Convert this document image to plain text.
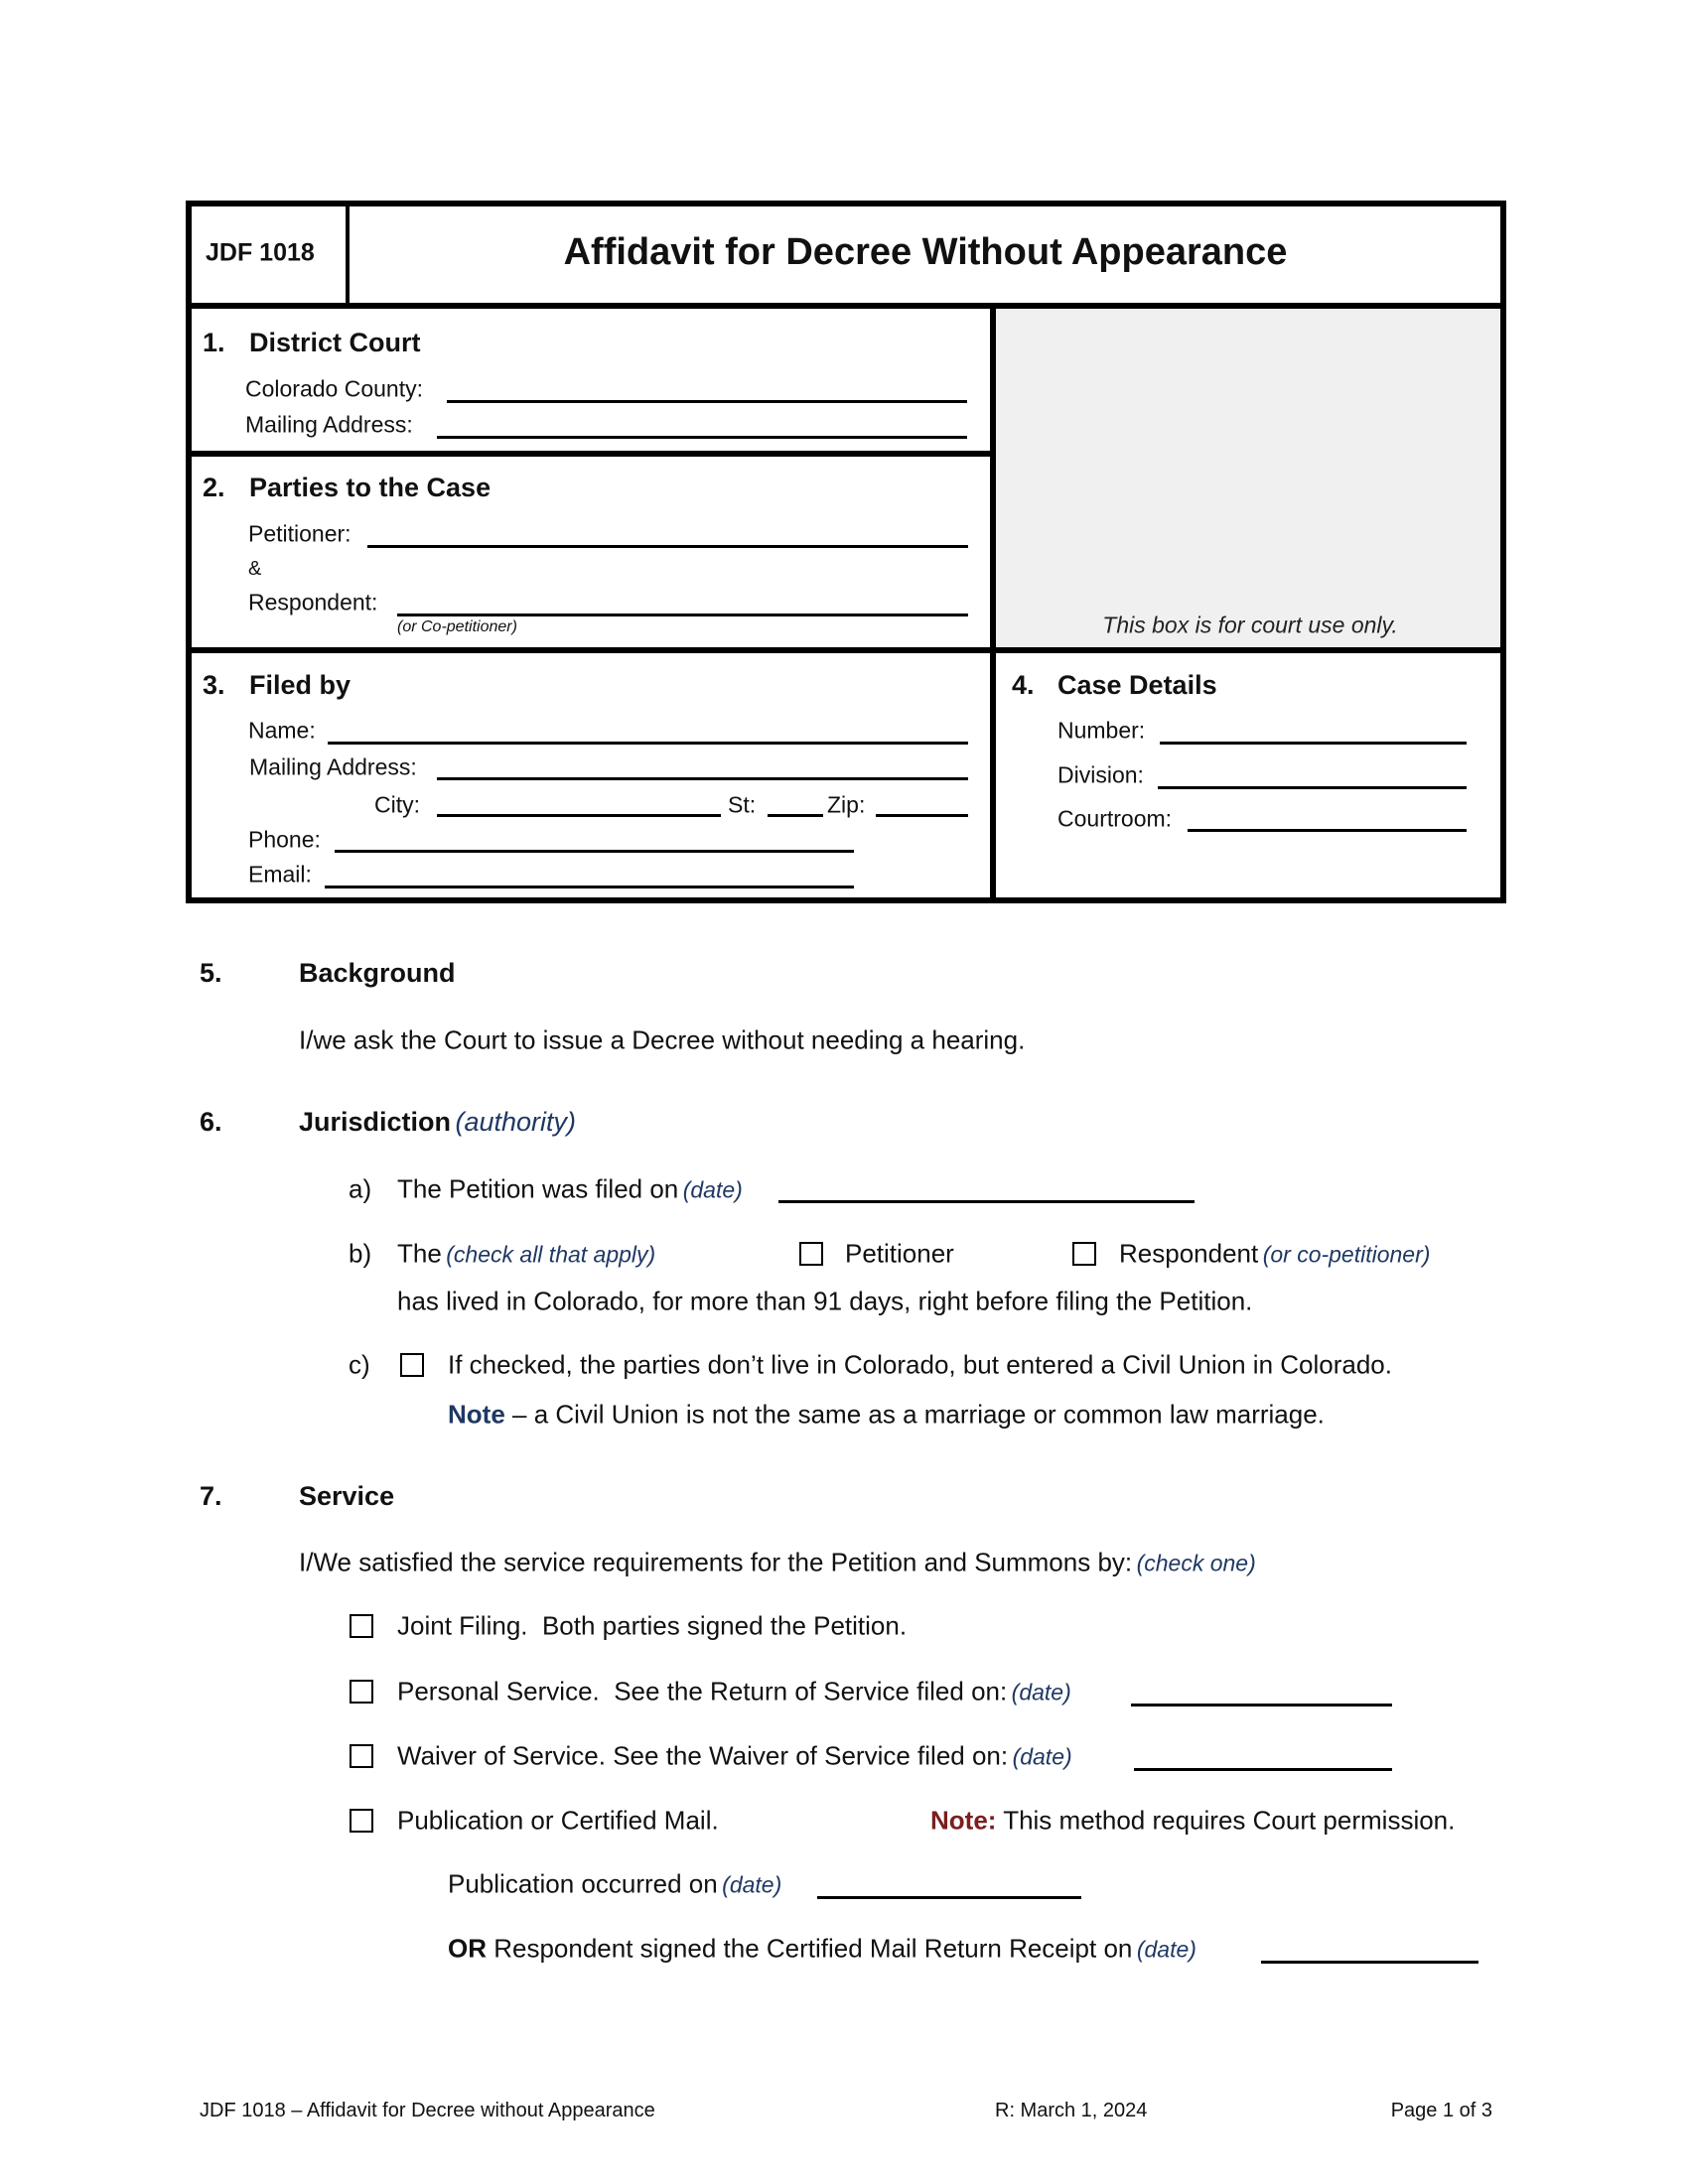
JDF 1018	Affidavit for Decree Without Appearance
This box is for court use only.
1. District Court
Colorado County:
Mailing Address:
2. Parties to the Case
Petitioner:
&
Respondent:
(or Co-petitioner)
3. Filed by
Name:
Mailing Address:
City:	St:	Zip:
Phone:
Email:
4. Case Details
Number:
Division:
Courtroom:
5.	Background
I/we ask the Court to issue a Decree without needing a hearing.
6.	Jurisdiction (authority)
a) The Petition was filed on (date)
b) The (check all that apply)	Petitioner	Respondent (or co-petitioner)
has lived in Colorado, for more than 91 days, right before filing the Petition.
c)	If checked, the parties don’t live in Colorado, but entered a Civil Union in Colorado.
Note – a Civil Union is not the same as a marriage or common law marriage.
7.	Service
I/We satisfied the service requirements for the Petition and Summons by: (check one)
Joint Filing.  Both parties signed the Petition.
Personal Service.  See the Return of Service filed on: (date)
Waiver of Service. See the Waiver of Service filed on: (date)
Publication or Certified Mail.	Note: This method requires Court permission.
Publication occurred on (date)
OR Respondent signed the Certified Mail Return Receipt on (date)
JDF 1018 – Affidavit for Decree without Appearance	R: March 1, 2024	Page 1 of 3
